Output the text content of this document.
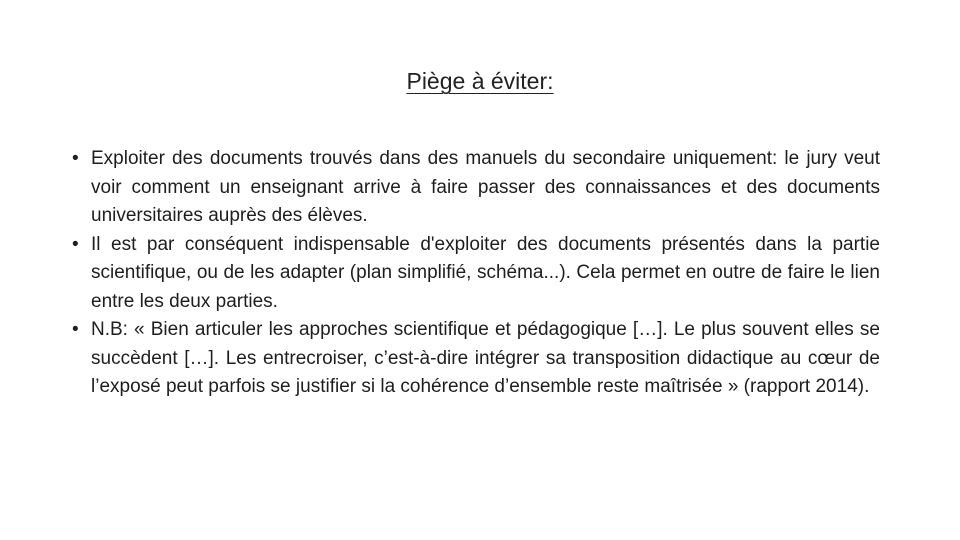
Piège à éviter:
• Exploiter des documents trouvés dans des manuels du secondaire uniquement: le jury veut voir comment un enseignant arrive à faire passer des connaissances et des documents universitaires auprès des élèves.
• Il est par conséquent indispensable d'exploiter des documents présentés dans la partie scientifique, ou de les adapter (plan simplifié, schéma...). Cela permet en outre de faire le lien entre les deux parties.
• N.B: « Bien articuler les approches scientifique et pédagogique […]. Le plus souvent elles se succèdent […]. Les entrecroiser, c’est-à-dire intégrer sa transposition didactique au cœur de l’exposé peut parfois se justifier si la cohérence d’ensemble reste maîtrisée » (rapport 2014).
